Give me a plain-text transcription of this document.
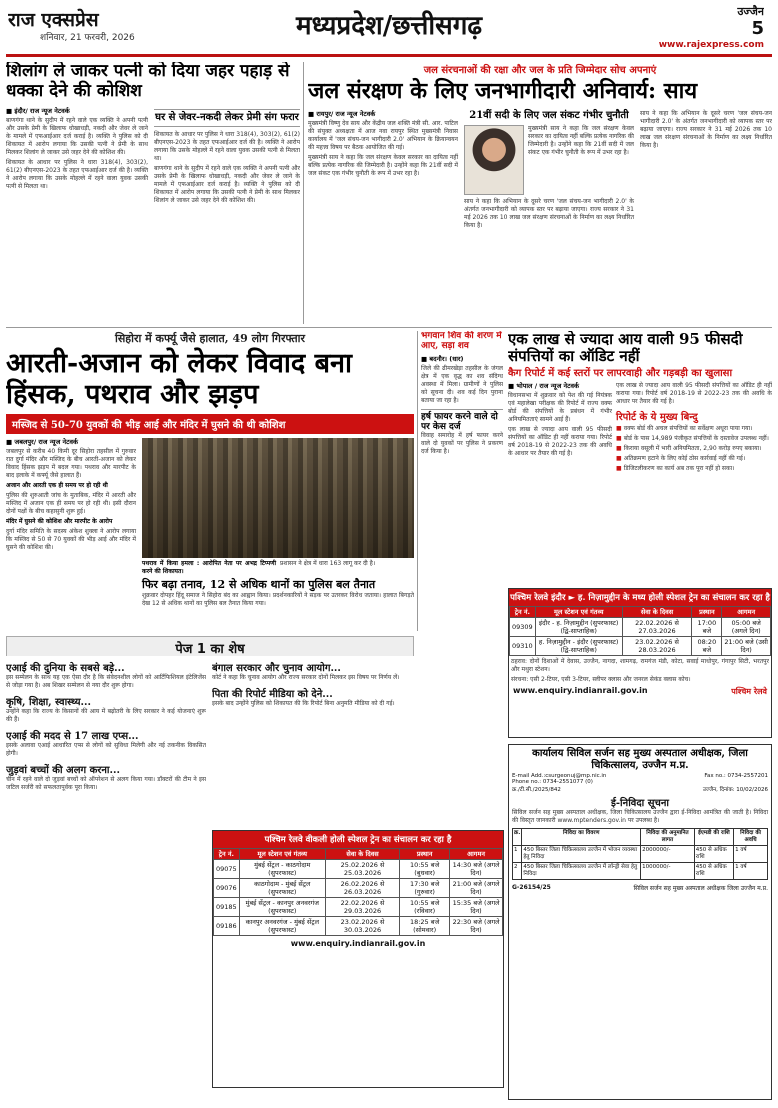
राज एक्सप्रेस
शनिवार, 21 फरवरी, 2026	मध्यप्रदेश/छत्तीसगढ़	उज्जैन
5
www.rajexpress.com
शिलांग ले जाकर पत्नी को दिया जहर पहाड़ से धक्का देने की कोशिश
■ इंदौर/ राज न्यूज नेटवर्क

बाणगंगा थाने के सुदीप में रहने वाले एक व्यक्ति ने अपनी पत्नी और उसके प्रेमी के खिलाफ धोखाधड़ी, नकदी और जेवर ले जाने के मामले में एफआईआर दर्ज कराई है। व्यक्ति ने पुलिस को दी शिकायत में आरोप लगाया कि उसकी पत्नी ने प्रेमी के साथ मिलकर शिलांग ले जाकर उसे जहर देने की कोशिश की।

शिकायत के आधार पर पुलिस ने धारा 318(4), 303(2), 61(2) बीएनएस-2023 के तहत एफआईआर दर्ज की है। व्यक्ति ने आरोप लगाया कि उसके मोहल्ले में रहने वाला युवक उसकी पत्नी से मिलता था।

घर से जेवर-नकदी लेकर प्रेमी संग फरार

शिकायत के आधार पर पुलिस ने धारा 318(4), 303(2), 61(2) बीएनएस-2023 के तहत एफआईआर दर्ज की है। व्यक्ति ने आरोप लगाया कि उसके मोहल्ले में रहने वाला युवक उसकी पत्नी से मिलता था।

बाणगंगा थाने के सुदीप में रहने वाले एक व्यक्ति ने अपनी पत्नी और उसके प्रेमी के खिलाफ धोखाधड़ी, नकदी और जेवर ले जाने के मामले में एफआईआर दर्ज कराई है। व्यक्ति ने पुलिस को दी शिकायत में आरोप लगाया कि उसकी पत्नी ने प्रेमी के साथ मिलकर शिलांग ले जाकर उसे जहर देने की कोशिश की।

जल संरचनाओं की रक्षा और जल के प्रति जिम्मेदार सोच अपनाएं
जल संरक्षण के लिए जनभागीदारी अनिवार्य: साय
■ रायपुर/ राज न्यूज नेटवर्क

मुख्यमंत्री विष्णु देव साय और केंद्रीय जल शक्ति मंत्री सी. आर. पाटिल की संयुक्त अध्यक्षता में आज नवा रायपुर स्थित मुख्यमंत्री निवास कार्यालय में 'जल संचय-जन भागीदारी 2.0' अभियान के क्रियान्वयन की महत्त्व विषय पर बैठक आयोजित की गई।

मुख्यमंत्री साय ने कहा कि जल संरक्षण केवल सरकार का दायित्व नहीं बल्कि प्रत्येक नागरिक की जिम्मेदारी है। उन्होंने कहा कि 21वीं सदी में जल संकट एक गंभीर चुनौती के रूप में उभर रहा है।

21वीं सदी के लिए जल संकट गंभीर चुनौती
मुख्यमंत्री साय ने कहा कि जल संरक्षण केवल सरकार का दायित्व नहीं बल्कि प्रत्येक नागरिक की जिम्मेदारी है। उन्होंने कहा कि 21वीं सदी में जल संकट एक गंभीर चुनौती के रूप में उभर रहा है।
साय ने कहा कि अभियान के दूसरे चरण 'जल संचय-जन भागीदारी 2.0' के अंतर्गत जनभागीदारी को व्यापक स्तर पर बढ़ाया जाएगा। राज्य सरकार ने 31 मई 2026 तक 10 लाख जल संरक्षण संरचनाओं के निर्माण का लक्ष्य निर्धारित किया है।
साय ने कहा कि अभियान के दूसरे चरण 'जल संचय-जन भागीदारी 2.0' के अंतर्गत जनभागीदारी को व्यापक स्तर पर बढ़ाया जाएगा। राज्य सरकार ने 31 मई 2026 तक 10 लाख जल संरक्षण संरचनाओं के निर्माण का लक्ष्य निर्धारित किया है।
सिहोरा में कर्फ्यू जैसे हालात, 49 लोग गिरफ्तार
आरती-अजान को लेकर विवाद बना हिंसक, पथराव और झड़प
मस्जिद से 50-70 युवकों की भीड़ आई और मंदिर में घुसने की थी कोशिश
■ जबलपुर/ राज न्यूज नेटवर्क

जबलपुर से करीब 40 किमी दूर सिहोरा तहसील में गुरुवार रात दुर्गा मंदिर और मस्जिद के बीच आरती-अजान को लेकर विवाद हिंसक झड़प में बदल गया। पथराव और मारपीट के बाद इलाके में कर्फ्यू जैसे हालात हैं।

अजान और आरती एक ही समय पर हो रही थी

पुलिस की शुरुआती जांच के मुताबिक, मंदिर में आरती और मस्जिद में अजान एक ही समय पर हो रही थी। इसी दौरान दोनों पक्षों के बीच कहासुनी शुरू हुई।

मंदिर में घुसने की कोशिश और मारपीट के आरोप

दुर्गा मंदिर समिति के सदस्य अंकेश शुक्ला ने आरोप लगाया कि मस्जिद से 50 से 70 युवकों की भीड़ आई और मंदिर में घुसने की कोशिश की।

पथराव में किया हमला : आरोपित नेता पर अभद्र टिप्पणी करने की शिकायत।
प्रशासन ने क्षेत्र में धारा 163 लागू कर दी है।
फिर बढ़ा तनाव, 12 से अधिक थानों का पुलिस बल तैनात
शुक्रवार दोपहर हिंदू समाज ने सिहोरा बंद का आह्वान किया। प्रदर्शनकारियों ने सड़क पर उतरकर विरोध जताया। हालात बिगड़ते देख 12 से अधिक थानों का पुलिस बल तैनात किया गया।
भगवान शिव की शरण में आए, सड़ा शव
■ बदनौर। (धार)

जिले की ढीमरखेड़ा तहसील के जंगल क्षेत्र में एक वृद्ध का शव संदिग्ध अवस्था में मिला। ग्रामीणों ने पुलिस को सूचना दी। शव कई दिन पुराना बताया जा रहा है।

हर्ष फायर करने वाले दो पर केस दर्ज
विवाह समारोह में हर्ष फायर करने वाले दो युवकों पर पुलिस ने प्रकरण दर्ज किया है।
एक लाख से ज्यादा आय वाली 95 फीसदी संपत्तियों का ऑडिट नहीं
कैग रिपोर्ट में कई स्तरों पर लापरवाही और गड़बड़ी का खुलासा
■ भोपाल / राज न्यूज नेटवर्क

विधानसभा में शुक्रवार को पेश की गई नियंत्रक एवं महालेखा परीक्षक की रिपोर्ट में राज्य वक्फ बोर्ड की संपत्तियों के प्रबंधन में गंभीर अनियमितताएं सामने आई हैं।

एक लाख से ज्यादा आय वाली 95 फीसदी संपत्तियों का ऑडिट ही नहीं कराया गया। रिपोर्ट वर्ष 2018-19 से 2022-23 तक की अवधि के आधार पर तैयार की गई है।

एक लाख से ज्यादा आय वाली 95 फीसदी संपत्तियों का ऑडिट ही नहीं कराया गया। रिपोर्ट वर्ष 2018-19 से 2022-23 तक की अवधि के आधार पर तैयार की गई है।
रिपोर्ट के ये मुख्य बिन्दु

■ वक्फ बोर्ड की अचल संपत्तियों का सर्वेक्षण अधूरा पाया गया।

■ बोर्ड के पास 14,989 पंजीकृत संपत्तियों के दस्तावेज उपलब्ध नहीं।

■ किराया वसूली में भारी अनियमितता, 2,90 करोड़ रुपए बकाया।

■ अतिक्रमण हटाने के लिए कोई ठोस कार्रवाई नहीं की गई।

■ डिजिटलीकरण का कार्य अब तक पूरा नहीं हो सका।

पश्चिम रेलवे इंदौर ► ह. निज़ामुद्दीन के मध्य होली स्पेशल ट्रेन का संचालन कर रहा है
ट्रेन नं.	मूल स्टेशन एवं गंतव्य	सेवा के दिवस	प्रस्थान	आगमन
09309	इंदौर - ह. निज़ामुद्दीन (सुपरफास्ट) (द्वि-साप्ताहिक)	22.02.2026 से 27.03.2026	17:00 बजे	05:00 बजे (अगले दिन)
09310	ह. निज़ामुद्दीन - इंदौर (सुपरफास्ट) (द्वि-साप्ताहिक)	23.02.2026 से 28.03.2026	08:20 बजे	21:00 बजे (उसी दिन)
ठहराव: दोनों दिशाओं में देवास, उज्जैन, नागदा, शामगढ़, रामगंज मंडी, कोटा, सवाई माधोपुर, गंगापुर सिटी, भरतपुर और मथुरा स्टेशन।
संरचना: एसी 2-टियर, एसी 3-टियर, स्लीपर क्लास और जनरल सेकंड क्लास कोच।
www.enquiry.indianrail.gov.in	पश्चिम रेलवे
पेज 1 का शेष
एआई की दुनिया के सबसे बड़े...
इस सम्मेलन के साथ यह एक ऐसा दौर है कि संवेदनशील लोगों को आर्टिफिशियल इंटेलिजेंस से जोड़ा गया है। अब शिखर सम्मेलन से नया दौर शुरू होगा।
कृषि, शिक्षा, स्वास्थ्य...
उन्होंने कहा कि राज्य के किसानों की आय में बढ़ोतरी के लिए सरकार ने कई योजनाएं शुरू की हैं।
एआई की मदद से 17 लाख एप्स...
इसके अलावा एआई आधारित एप्स से लोगों को सुविधा मिलेगी और नई तकनीक विकसित होगी।
जुड़वां बच्चों की अलग करना...
चीन में रहने वाले दो जुड़वां बच्चों को ऑपरेशन से अलग किया गया। डॉक्टरों की टीम ने इस जटिल सर्जरी को सफलतापूर्वक पूरा किया।
बंगाल सरकार और चुनाव आयोग...
कोर्ट ने कहा कि चुनाव आयोग और राज्य सरकार दोनों मिलकर इस विषय पर निर्णय लें।
पिता की रिपोर्ट मीडिया को देने...
इसके बाद उन्होंने पुलिस को शिकायत की कि रिपोर्ट बिना अनुमति मीडिया को दी गई।
पश्चिम रेलवे वीकली होली स्पेशल ट्रेन का संचालन कर रहा है
ट्रेन नं.	मूल स्टेशन एवं गंतव्य	सेवा के दिवस	प्रस्थान	आगमन
09075	मुंबई सेंट्रल - काठगोदाम (सुपरफास्ट)	25.02.2026 से 25.03.2026	10:55 बजे (बुधवार)	14:30 बजे (अगले दिन)
09076	काठगोदाम - मुंबई सेंट्रल (सुपरफास्ट)	26.02.2026 से 26.03.2026	17:30 बजे (गुरुवार)	21:00 बजे (अगले दिन)
09185	मुंबई सेंट्रल - कानपुर अनवरगंज (सुपरफास्ट)	22.02.2026 से 29.03.2026	10:55 बजे (रविवार)	15:35 बजे (अगले दिन)
09186	कानपुर अनवरगंज - मुंबई सेंट्रल (सुपरफास्ट)	23.02.2026 से 30.03.2026	18:25 बजे (सोमवार)	22:30 बजे (अगले दिन)
www.enquiry.indianrail.gov.in
कार्यालय सिविल सर्जन सह मुख्य अस्पताल अधीक्षक, जिला चिकित्सालय, उज्जैन म.प्र.
E-mail Add.:csurgeonuj@mp.nic.in	Fax no.: 0734-2557201
Phone no.: 0734-2551077 (0)
क्र./टी.सी./2025/842	उज्जैन, दिनांक: 10/02/2026
ई-निविदा सूचना
सिविल सर्जन सह मुख्य अस्पताल अधीक्षक, जिला चिकित्सालय उज्जैन द्वारा ई-निविदा आमंत्रित की जाती है। निविदा की विस्तृत जानकारी www.mptenders.gov.in पर उपलब्ध है।
क्र.	निविदा का विवरण	निविदा की अनुमानित लागत	ईएमडी की राशि	निविदा की अवधि
1	450 बिस्तर जिला चिकित्सालय उज्जैन में भोजन व्यवस्था हेतु निविदा	2000000/-	450 से अधिक राशि	1 वर्ष
2	450 बिस्तर जिला चिकित्सालय उज्जैन में लॉन्ड्री सेवा हेतु निविदा	1000000/-	450 से अधिक राशि	1 वर्ष
G-26154/25	सिविल सर्जन सह मुख्य अस्पताल अधीक्षक जिला उज्जैन म.प्र.
